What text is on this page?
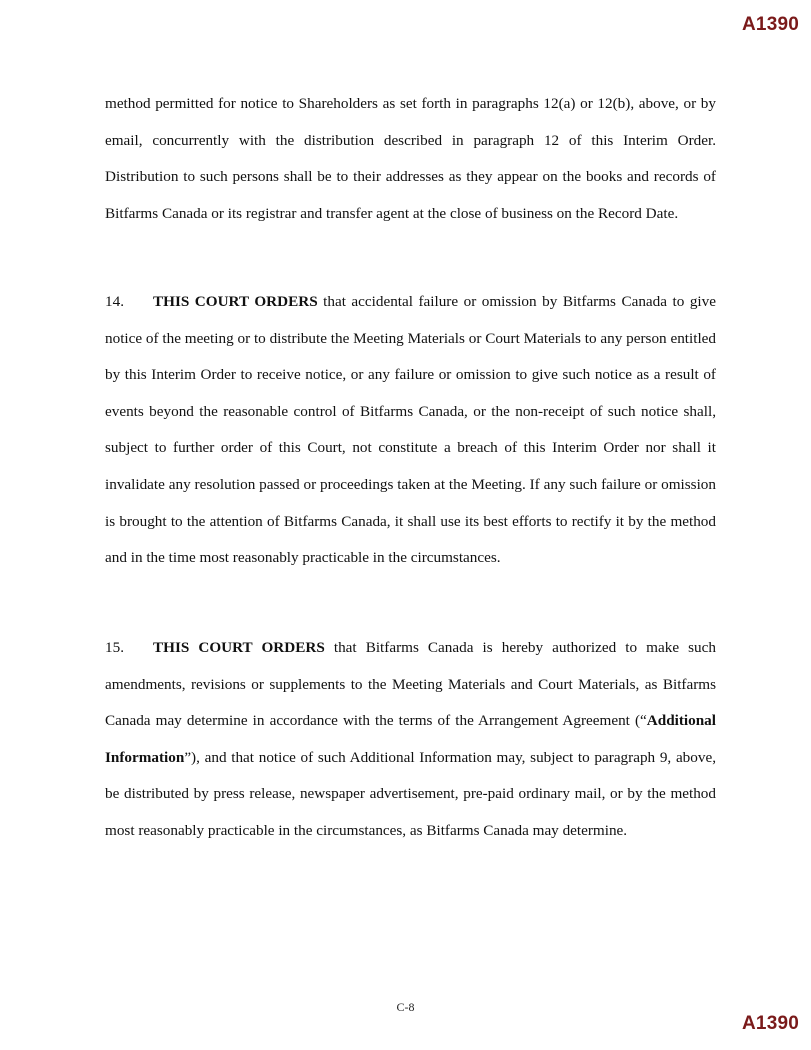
A1390

method permitted for notice to Shareholders as set forth in paragraphs 12(a) or 12(b), above, or by email, concurrently with the distribution described in paragraph 12 of this Interim Order. Distribution to such persons shall be to their addresses as they appear on the books and records of Bitfarms Canada or its registrar and transfer agent at the close of business on the Record Date.

14. THIS COURT ORDERS that accidental failure or omission by Bitfarms Canada to give notice of the meeting or to distribute the Meeting Materials or Court Materials to any person entitled by this Interim Order to receive notice, or any failure or omission to give such notice as a result of events beyond the reasonable control of Bitfarms Canada, or the non-receipt of such notice shall, subject to further order of this Court, not constitute a breach of this Interim Order nor shall it invalidate any resolution passed or proceedings taken at the Meeting. If any such failure or omission is brought to the attention of Bitfarms Canada, it shall use its best efforts to rectify it by the method and in the time most reasonably practicable in the circumstances.

15. THIS COURT ORDERS that Bitfarms Canada is hereby authorized to make such amendments, revisions or supplements to the Meeting Materials and Court Materials, as Bitfarms Canada may determine in accordance with the terms of the Arrangement Agreement (“Additional Information”), and that notice of such Additional Information may, subject to paragraph 9, above, be distributed by press release, newspaper advertisement, pre-paid ordinary mail, or by the method most reasonably practicable in the circumstances, as Bitfarms Canada may determine.

C-8
A1390
